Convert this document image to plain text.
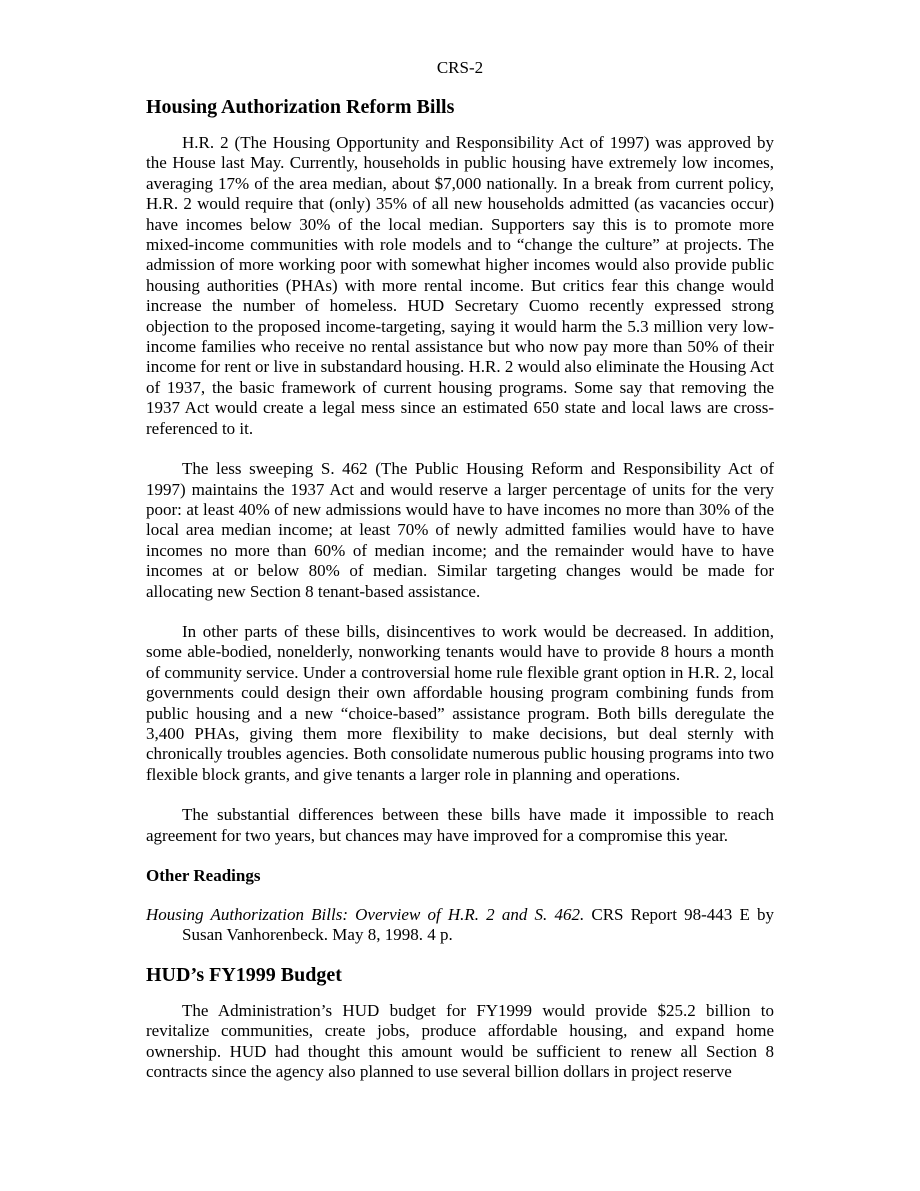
CRS-2
Housing Authorization Reform Bills

H.R. 2 (The Housing Opportunity and Responsibility Act of 1997) was approved by the House last May. Currently, households in public housing have extremely low incomes, averaging 17% of the area median, about $7,000 nationally. In a break from current policy, H.R. 2 would require that (only) 35% of all new households admitted (as vacancies occur) have incomes below 30% of the local median. Supporters say this is to promote more mixed-income communities with role models and to “change the culture” at projects. The admission of more working poor with somewhat higher incomes would also provide public housing authorities (PHAs) with more rental income. But critics fear this change would increase the number of homeless. HUD Secretary Cuomo recently expressed strong objection to the proposed income-targeting, saying it would harm the 5.3 million very low-income families who receive no rental assistance but who now pay more than 50% of their income for rent or live in substandard housing. H.R. 2 would also eliminate the Housing Act of 1937, the basic framework of current housing programs. Some say that removing the 1937 Act would create a legal mess since an estimated 650 state and local laws are cross-referenced to it.

The less sweeping S. 462 (The Public Housing Reform and Responsibility Act of 1997) maintains the 1937 Act and would reserve a larger percentage of units for the very poor: at least 40% of new admissions would have to have incomes no more than 30% of the local area median income; at least 70% of newly admitted families would have to have incomes no more than 60% of median income; and the remainder would have to have incomes at or below 80% of median. Similar targeting changes would be made for allocating new Section 8 tenant-based assistance.

In other parts of these bills, disincentives to work would be decreased. In addition, some able-bodied, nonelderly, nonworking tenants would have to provide 8 hours a month of community service. Under a controversial home rule flexible grant option in H.R. 2, local governments could design their own affordable housing program combining funds from public housing and a new “choice-based” assistance program. Both bills deregulate the 3,400 PHAs, giving them more flexibility to make decisions, but deal sternly with chronically troubles agencies. Both consolidate numerous public housing programs into two flexible block grants, and give tenants a larger role in planning and operations.

The substantial differences between these bills have made it impossible to reach agreement for two years, but chances may have improved for a compromise this year.

Other Readings

Housing Authorization Bills: Overview of H.R. 2 and S. 462. CRS Report 98-443 E by Susan Vanhorenbeck. May 8, 1998. 4 p.

HUD’s FY1999 Budget

The Administration’s HUD budget for FY1999 would provide $25.2 billion to revitalize communities, create jobs, produce affordable housing, and expand home ownership. HUD had thought this amount would be sufficient to renew all Section 8 contracts since the agency also planned to use several billion dollars in project reserve
